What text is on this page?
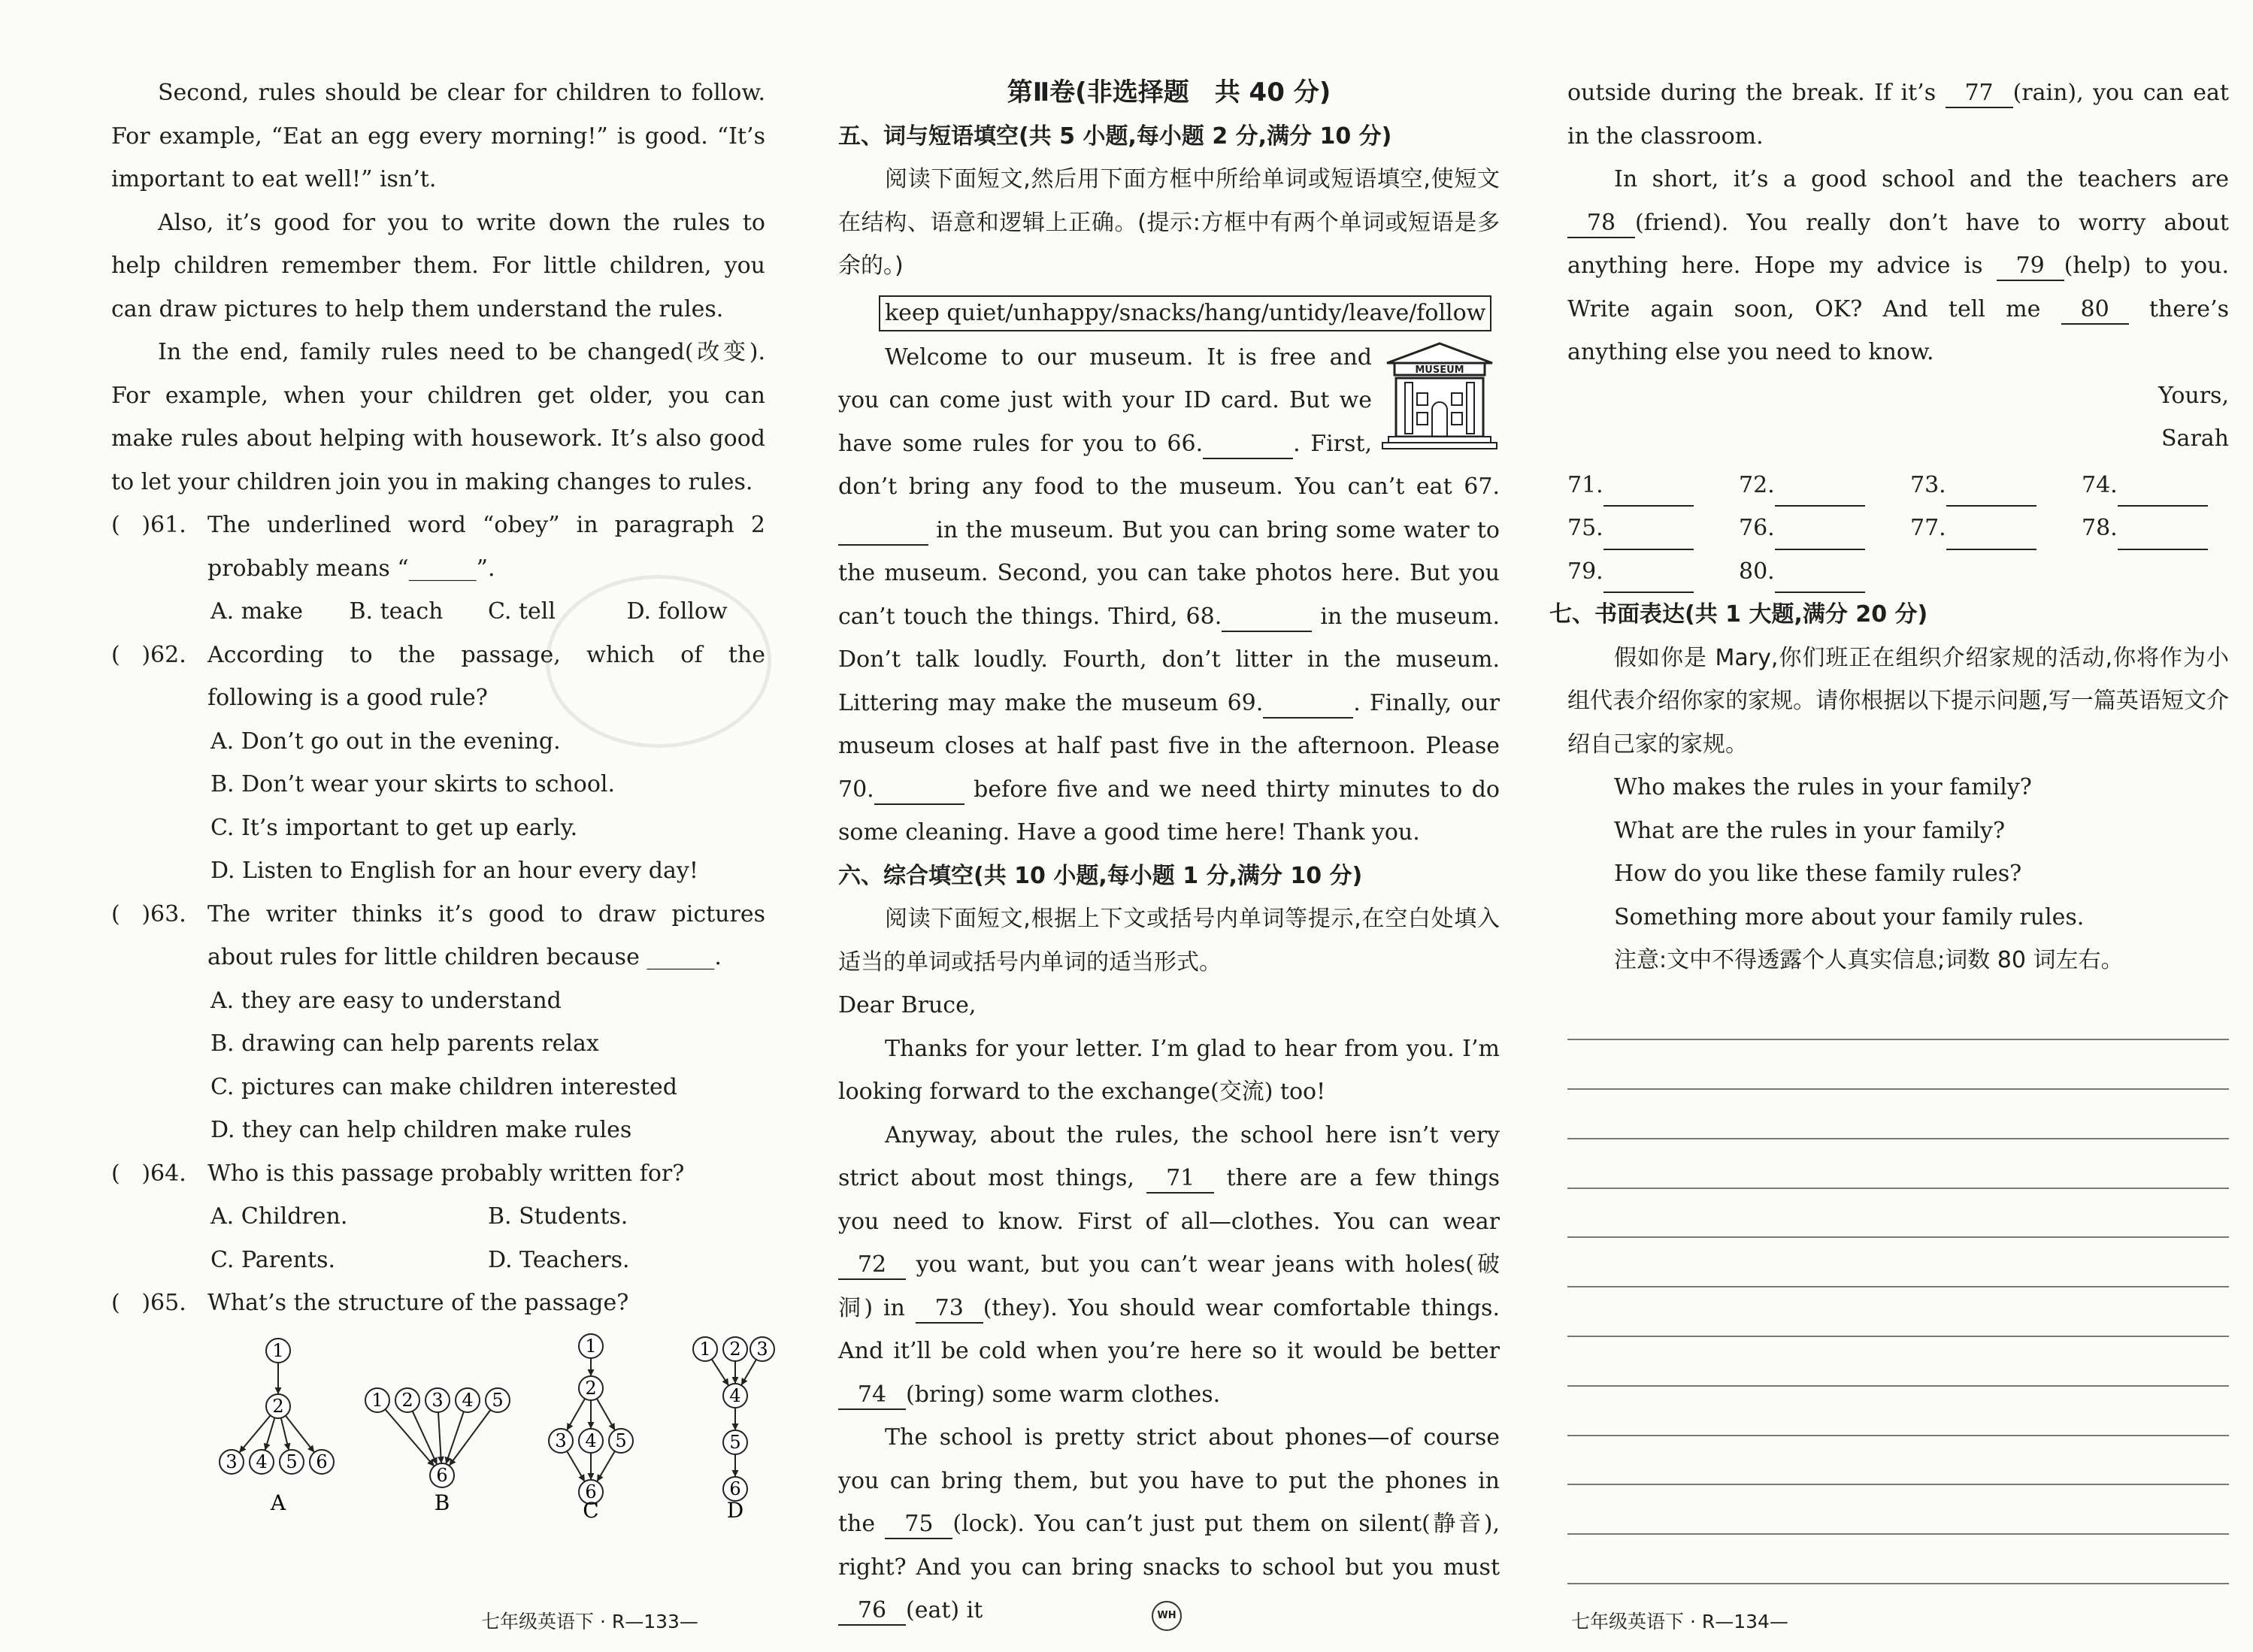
Second, rules should be clear for children to follow. For example, “Eat an egg every morning!” is good. “It’s important to eat well!” isn’t.

Also, it’s good for you to write down the rules to help children remember them. For little children, you can draw pictures to help them understand the rules.

In the end, family rules need to be changed(改变). For example, when your children get older, you can make rules about helping with housework. It’s also good to let your children join you in making changes to rules.

(   )61. The underlined word “obey” in paragraph 2 probably means “______”.
A. make	B. teach	C. tell	D. follow
(   )62. According to the passage, which of the following is a good rule?
A. Don’t go out in the evening.
B. Don’t wear your skirts to school.
C. It’s important to get up early.
D. Listen to English for an hour every day!
(   )63. The writer thinks it’s good to draw pictures about rules for little children because ______.
A. they are easy to understand
B. drawing can help parents relax
C. pictures can make children interested
D. they can help children make rules
(   )64. Who is this passage probably written for?
A. Children.	B. Students.
C. Parents.	D. Teachers.
(   )65. What’s the structure of the passage?
1
2
3 4 5 6
A
1 2 3 4 5
6
B
1
2
3 4 5
6
C
1 2 3
4
5
6
D
七年级英语下 · R—133—
第Ⅱ卷(非选择题　共 40 分)
五、词与短语填空(共 5 小题,每小题 2 分,满分 10 分)

阅读下面短文,然后用下面方框中所给单词或短语填空,使短文在结构、语意和逻辑上正确。(提示:方框中有两个单词或短语是多余的。)

keep quiet/unhappy/snacks/hang/untidy/leave/follow

MUSEUM
Welcome to our museum. It is free and you can come just with your ID card. But we have some rules for you to 66.	. First, don’t bring any food to the museum. You can’t eat 67.  in the museum. But you can bring some water to the museum. Second, you can take photos here. But you can’t touch the things. Third, 68.	in the museum. Don’t talk loudly. Fourth, don’t litter in the museum. Littering may make the museum 69.	. Finally, our museum closes at half past five in the afternoon. Please 70.	before five and we need thirty minutes to do some cleaning. Have a good time here! Thank you.

六、综合填空(共 10 小题,每小题 1 分,满分 10 分)

阅读下面短文,根据上下文或括号内单词等提示,在空白处填入适当的单词或括号内单词的适当形式。

Dear Bruce,

Thanks for your letter. I’m glad to hear from you. I’m looking forward to the exchange(交流) too!

Anyway, about the rules, the school here isn’t very strict about most things, 71 there are a few things you need to know. First of all—clothes. You can wear 72 you want, but you can’t wear jeans with holes(破洞) in 73 (they). You should wear comfortable things. And it’ll be cold when you’re here so it would be better 74 (bring) some warm clothes.

The school is pretty strict about phones—of course you can bring them, but you have to put the phones in the 75 (lock). You can’t just put them on silent(静音), right? And you can bring snacks to school but you must 76 (eat) it	WH

outside during the break. If it’s 77 (rain), you can eat in the classroom.

In short, it’s a good school and the teachers are 78 (friend). You really don’t have to worry about anything here. Hope my advice is 79 (help) to you. Write again soon, OK? And tell me 80 there’s anything else you need to know.

Yours,
Sarah
71.	72.	73.	74.
75.	76.	77.	78.
79.	80.
七、书面表达(共 1 大题,满分 20 分)

假如你是 Mary,你们班正在组织介绍家规的活动,你将作为小组代表介绍你家的家规。请你根据以下提示问题,写一篇英语短文介绍自己家的家规。

Who makes the rules in your family?

What are the rules in your family?

How do you like these family rules?

Something more about your family rules.

注意:文中不得透露个人真实信息;词数 80 词左右。

七年级英语下 · R—134—
